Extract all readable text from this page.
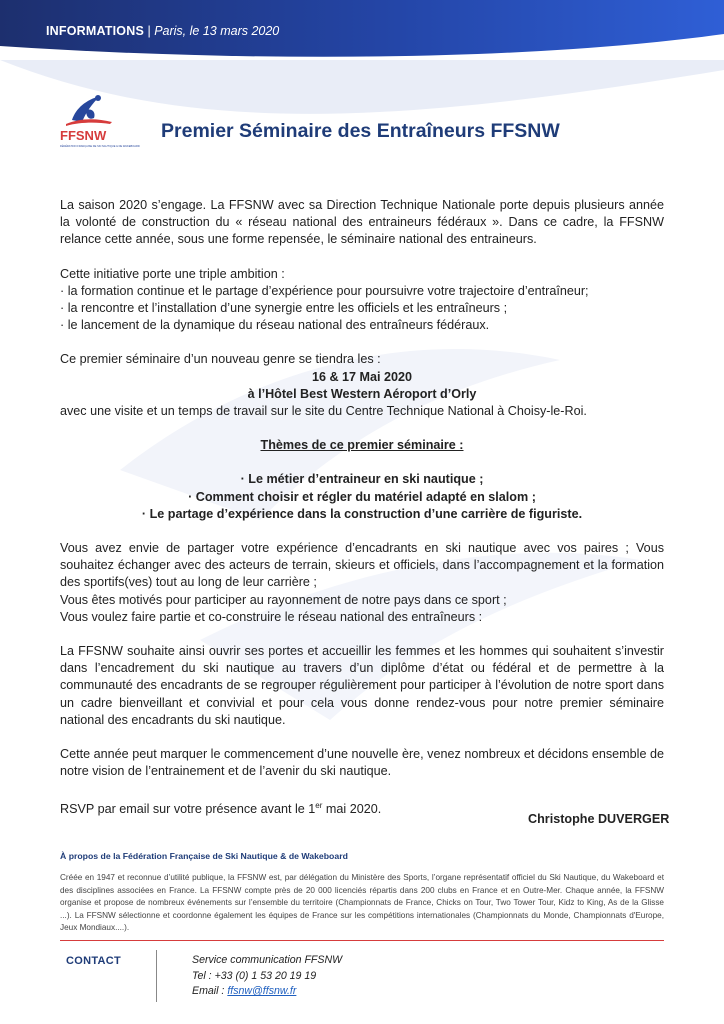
INFORMATIONS | Paris, le 13 mars 2020
FFSNW
FÉDÉRATION FRANÇAISE DE SKI NAUTIQUE & DE WAKEBOARD
Premier Séminaire des Entraîneurs FFSNW

La saison 2020 s’engage. La FFSNW avec sa Direction Technique Nationale porte depuis plusieurs année la volonté de construction du « réseau national des entraineurs fédéraux ». Dans ce cadre, la FFSNW relance cette année, sous une forme repensée, le séminaire national des entraineurs.

Cette initiative porte une triple ambition :

· la formation continue et le partage d’expérience pour poursuivre votre trajectoire d’entraîneur;

· la rencontre et l’installation d’une synergie entre les officiels et les entraîneurs ;

· le lancement de la dynamique du réseau national des entraîneurs fédéraux.

Ce premier séminaire d’un nouveau genre se tiendra les :

16 & 17 Mai 2020

à l’Hôtel Best Western Aéroport d’Orly

avec une visite et un temps de travail sur le site du Centre Technique National à Choisy-le-Roi.

Thèmes de ce premier séminaire :

· Le métier d’entraineur en ski nautique ;

· Comment choisir et régler du matériel adapté en slalom ;

· Le partage d’expérience dans la construction d’une carrière de figuriste.

Vous avez envie de partager votre expérience d’encadrants en ski nautique avec vos paires ; Vous souhaitez échanger avec des acteurs de terrain, skieurs et officiels, dans l’accompagnement et la formation des sportifs(ves) tout au long de leur carrière ;

Vous êtes motivés pour participer au rayonnement de notre pays dans ce sport ;

Vous voulez faire partie et co-construire le réseau national des entraîneurs :

La FFSNW souhaite ainsi ouvrir ses portes et accueillir les femmes et les hommes qui souhaitent s’investir dans l’encadrement du ski nautique au travers d’un diplôme d’état ou fédéral et de permettre à la communauté des encadrants de se regrouper régulièrement pour participer à l’évolution de notre sport dans un cadre bienveillant et convivial et pour cela vous donne rendez-vous pour notre premier séminaire national des encadrants du ski nautique.

Cette année peut marquer le commencement d’une nouvelle ère, venez nombreux et décidons ensemble de notre vision de l’entrainement et de l’avenir du ski nautique.

RSVP par email sur votre présence avant le 1er mai 2020.

Christophe DUVERGER
À propos de la Fédération Française de Ski Nautique & de Wakeboard
Créée en 1947 et reconnue d’utilité publique, la FFSNW est, par délégation du Ministère des Sports, l’organe représentatif officiel du Ski Nautique, du Wakeboard et des disciplines associées en France. La FFSNW compte près de 20 000 licenciés répartis dans 200 clubs en France et en Outre-Mer. Chaque année, la FFSNW organise et propose de nombreux événements sur l’ensemble du territoire (Championnats de France, Chicks on Tour, Two Tower Tour, Kidz to King, As de la Glisse ...). La FFSNW sélectionne et coordonne également les équipes de France sur les compétitions internationales (Championnats du Monde, Championnats d'Europe, Jeux Mondiaux....).
CONTACT	Service communication FFSNW
Tel : +33 (0) 1 53 20 19 19
Email : ffsnw@ffsnw.fr
